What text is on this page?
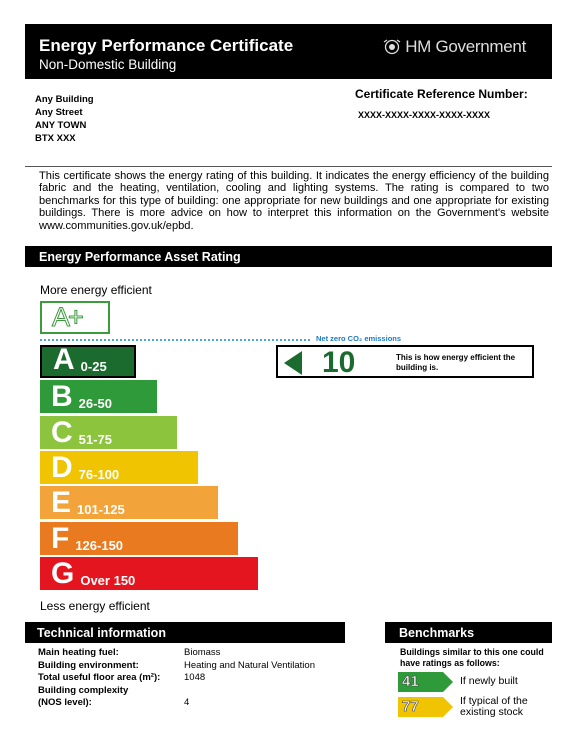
Energy Performance Certificate
Non-Domestic Building
HM Government
Any Building
Any Street
ANY TOWN
BTX XXX
Certificate Reference Number:
XXXX-XXXX-XXXX-XXXX-XXXX
This certificate shows the energy rating of this building. It indicates the energy efficiency of the building fabric and the heating, ventilation, cooling and lighting systems. The rating is compared to two benchmarks for this type of building: one appropriate for new buildings and one appropriate for existing buildings. There is more advice on how to interpret this information on the Government's website www.communities.gov.uk/epbd.
Energy Performance Asset Rating
More energy efficient
A+
Net zero CO₂ emissions
A 0-25
B 26-50
C 51-75
D 76-100
E 101-125
F 126-150
G Over 150
10	This is how energy efficient the building is.
Less energy efficient
Technical information
Main heating fuel:	Biomass
Building environment:	Heating and Natural Ventilation
Total useful floor area (m²): 1048
Building complexity
(NOS level):	4
Benchmarks
Buildings similar to this one could have ratings as follows:
41	If newly built
77	If typical of the existing stock
